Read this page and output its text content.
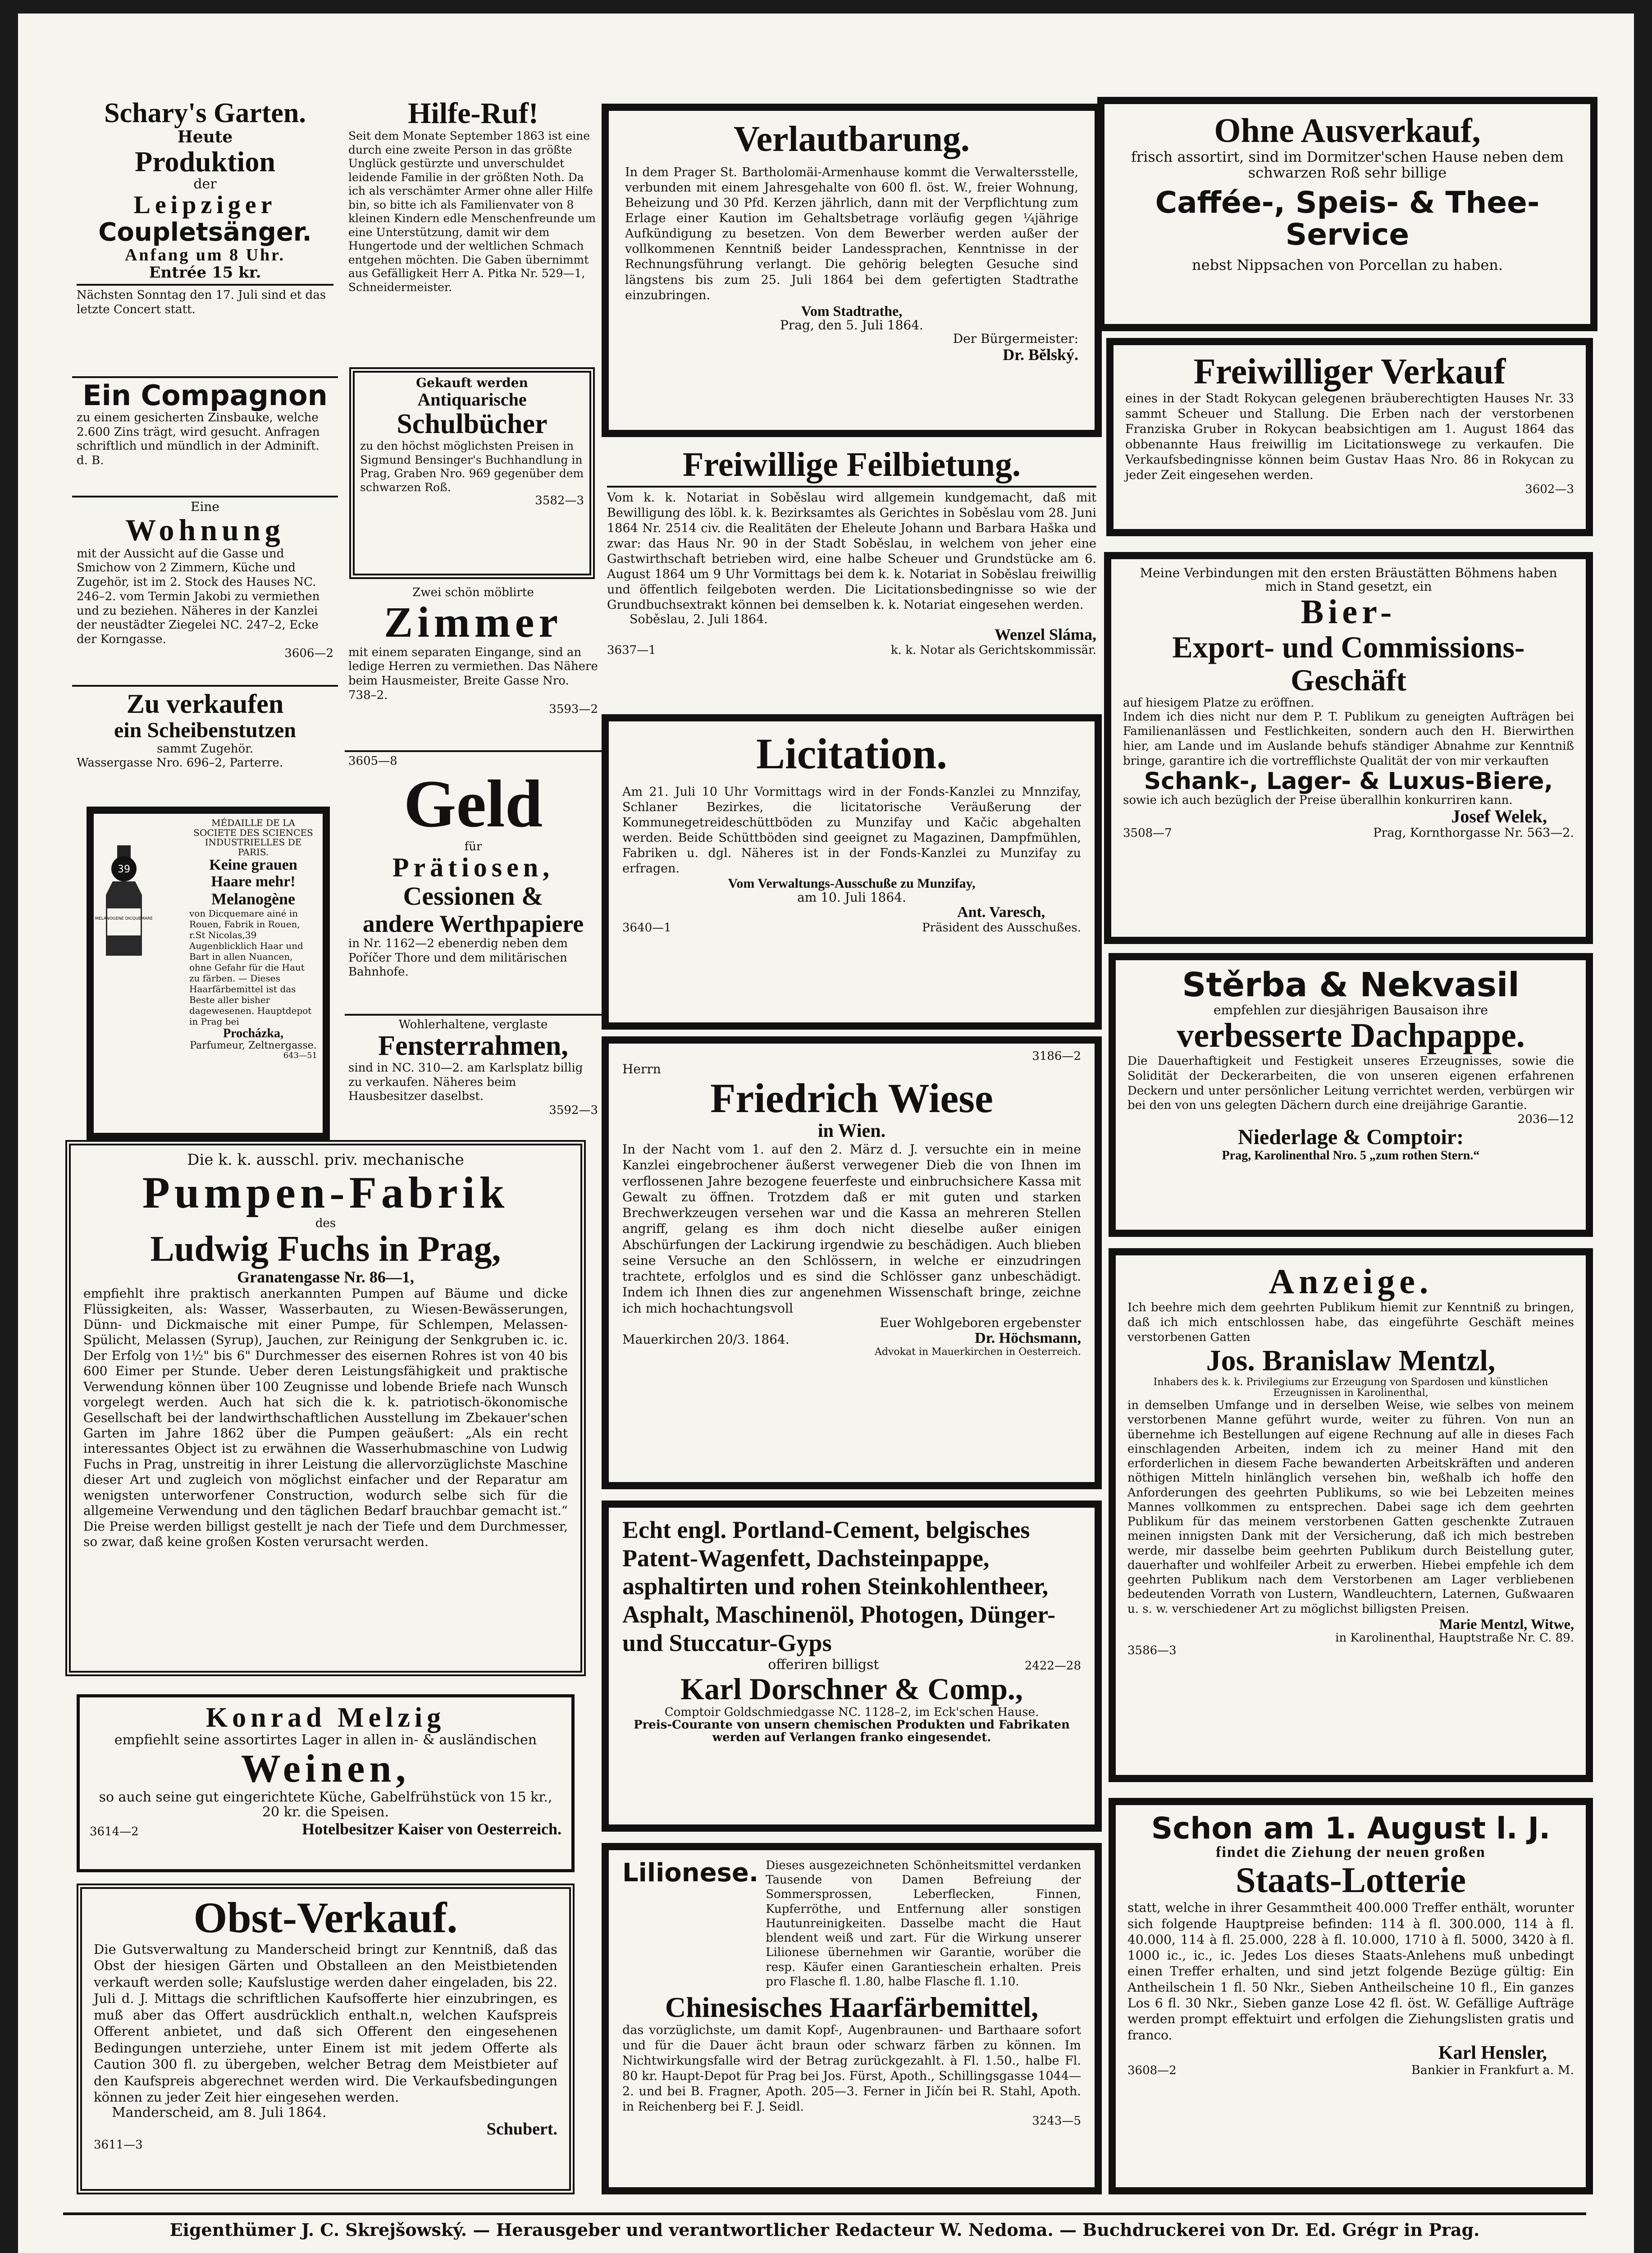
Schary's Garten.

Heute

Produktion

der

Leipziger

Coupletsänger.

Anfang um 8 Uhr.

Entrée 15 kr.

Nächsten Sonntag den 17. Juli sind et das letzte Concert statt.

Ein Compagnon

zu einem gesicherten Zinsbauke, welche 2.600 Zins trägt, wird gesucht. Anfragen schriftlich und mündlich in der Adminift. d. B.

Eine

Wohnung

mit der Aussicht auf die Gasse und Smichow von 2 Zimmern, Küche und Zugehör, ist im 2. Stock des Hauses NC. 246–2. vom Termin Jakobi zu vermiethen und zu beziehen. Näheres in der Kanzlei der neustädter Ziegelei NC. 247–2, Ecke der Korngasse.

3606—2

Zu verkaufen

ein Scheibenstutzen

sammt Zugehör.

Wassergasse Nro. 696–2, Parterre.

39
MELANOGENE DICQUEMARE

MÉDAILLE DE LA SOCIETE DES SCIENCES INDUSTRIELLES DE PARIS.

Keine grauen Haare mehr!

Melanogène

von Dicquemare ainé in Rouen, Fabrik in Rouen, r.St Nicolas,39 Augenblicklich Haar und Bart in allen Nuancen, ohne Gefahr für die Haut zu färben. — Dieses Haarfärbemittel ist das Beste aller bisher dagewesenen. Hauptdepot in Prag bei

Procházka,

Parfumeur, Zeltnergasse.

643—51

Hilfe-Ruf!

Seit dem Monate September 1863 ist eine durch eine zweite Person in das größte Unglück gestürzte und unverschuldet leidende Familie in der größten Noth. Da ich als verschämter Armer ohne aller Hilfe bin, so bitte ich als Familienvater von 8 kleinen Kindern edle Menschenfreunde um eine Unterstützung, damit wir dem Hungertode und der weltlichen Schmach entgehen möchten. Die Gaben übernimmt aus Gefälligkeit Herr A. Pitka Nr. 529—1, Schneidermeister.

Gekauft werden

Antiquarische

Schulbücher

zu den höchst möglichsten Preisen in Sigmund Bensinger's Buchhandlung in Prag, Graben Nro. 969 gegenüber dem schwarzen Roß.

3582—3

Zwei schön möblirte

Zimmer

mit einem separaten Eingange, sind an ledige Herren zu vermiethen. Das Nähere beim Hausmeister, Breite Gasse Nro. 738–2.

3593—2

3605—8

Geld

für

Prätiosen,

Cessionen &

andere Werthpapiere

in Nr. 1162—2 ebenerdig neben dem Poříčer Thore und dem militärischen Bahnhofe.

Wohlerhaltene, verglaste

Fensterrahmen,

sind in NC. 310—2. am Karlsplatz billig zu verkaufen. Näheres beim Hausbesitzer daselbst.

3592—3

Die k. k. ausschl. priv. mechanische

Pumpen-Fabrik

des

Ludwig Fuchs in Prag,

Granatengasse Nr. 86—1,

empfiehlt ihre praktisch anerkannten Pumpen auf Bäume und dicke Flüssigkeiten, als: Wasser, Wasserbauten, zu Wiesen-Bewässerungen, Dünn- und Dickmaische mit einer Pumpe, für Schlempen, Melassen-Spülicht, Melassen (Syrup), Jauchen, zur Reinigung der Senkgruben ic. ic. Der Erfolg von 1½" bis 6" Durchmesser des eisernen Rohres ist von 40 bis 600 Eimer per Stunde. Ueber deren Leistungsfähigkeit und praktische Verwendung können über 100 Zeugnisse und lobende Briefe nach Wunsch vorgelegt werden. Auch hat sich die k. k. patriotisch-ökonomische Gesellschaft bei der landwirthschaftlichen Ausstellung im Zbekauer'schen Garten im Jahre 1862 über die Pumpen geäußert: „Als ein recht interessantes Object ist zu erwähnen die Wasserhubmaschine von Ludwig Fuchs in Prag, unstreitig in ihrer Leistung die allervorzüglichste Maschine dieser Art und zugleich von möglichst einfacher und der Reparatur am wenigsten unterworfener Construction, wodurch selbe sich für die allgemeine Verwendung und den täglichen Bedarf brauchbar gemacht ist.“ Die Preise werden billigst gestellt je nach der Tiefe und dem Durchmesser, so zwar, daß keine großen Kosten verursacht werden.

Konrad Melzig

empfiehlt seine assortirtes Lager in allen in- & ausländischen

Weinen,

so auch seine gut eingerichtete Küche, Gabelfrühstück von 15 kr., 20 kr. die Speisen.

3614—2	Hotelbesitzer Kaiser von Oesterreich.

Obst-Verkauf.

Die Gutsverwaltung zu Manderscheid bringt zur Kenntniß, daß das Obst der hiesigen Gärten und Obstalleen an den Meistbietenden verkauft werden solle; Kaufslustige werden daher eingeladen, bis 22. Juli d. J. Mittags die schriftlichen Kaufsofferte hier einzubringen, es muß aber das Offert ausdrücklich enthalt.n, welchen Kaufspreis Offerent anbietet, und daß sich Offerent den eingesehenen Bedingungen unterziehe, unter Einem ist mit jedem Offerte als Caution 300 fl. zu übergeben, welcher Betrag dem Meistbieter auf den Kaufspreis abgerechnet werden wird. Die Verkaufsbedingungen können zu jeder Zeit hier eingesehen werden.

Manderscheid, am 8. Juli 1864.

Schubert.

3611—3

Verlautbarung.

In dem Prager St. Bartholomäi-Armenhause kommt die Verwaltersstelle, verbunden mit einem Jahresgehalte von 600 fl. öst. W., freier Wohnung, Beheizung und 30 Pfd. Kerzen jährlich, dann mit der Verpflichtung zum Erlage einer Kaution im Gehaltsbetrage vorläufig gegen ¼jährige Aufkündigung zu besetzen. Von dem Bewerber werden außer der vollkommenen Kenntniß beider Landessprachen, Kenntnisse in der Rechnungsführung verlangt. Die gehörig belegten Gesuche sind längstens bis zum 25. Juli 1864 bei dem gefertigten Stadtrathe einzubringen.

Vom Stadtrathe,

Prag, den 5. Juli 1864.

Der Bürgermeister:

Dr. Bělský.

Freiwillige Feilbietung.

Vom k. k. Notariat in Soběslau wird allgemein kundgemacht, daß mit Bewilligung des löbl. k. k. Bezirksamtes als Gerichtes in Soběslau vom 28. Juni 1864 Nr. 2514 civ. die Realitäten der Eheleute Johann und Barbara Haška und zwar: das Haus Nr. 90 in der Stadt Soběslau, in welchem von jeher eine Gastwirthschaft betrieben wird, eine halbe Scheuer und Grundstücke am 6. August 1864 um 9 Uhr Vormittags bei dem k. k. Notariat in Soběslau freiwillig und öffentlich feilgeboten werden. Die Licitationsbedingnisse so wie der Grundbuchsextrakt können bei demselben k. k. Notariat eingesehen werden.

Soběslau, 2. Juli 1864.

Wenzel Sláma,

3637—1	k. k. Notar als Gerichtskommissär.

Licitation.

Am 21. Juli 10 Uhr Vormittags wird in der Fonds-Kanzlei zu Mnnzifay, Schlaner Bezirkes, die licitatorische Veräußerung der Kommunegetreideschüttböden zu Munzifay und Kačic abgehalten werden. Beide Schüttböden sind geeignet zu Magazinen, Dampfmühlen, Fabriken u. dgl. Näheres ist in der Fonds-Kanzlei zu Munzifay zu erfragen.

Vom Verwaltungs-Ausschuße zu Munzifay,

am 10. Juli 1864.

Ant. Varesch,

3640—1	Präsident des Ausschußes.

3186—2

Herrn

Friedrich Wiese

in Wien.

In der Nacht vom 1. auf den 2. März d. J. versuchte ein in meine Kanzlei eingebrochener äußerst verwegener Dieb die von Ihnen im verflossenen Jahre bezogene feuerfeste und einbruchsichere Kassa mit Gewalt zu öffnen. Trotzdem daß er mit guten und starken Brechwerkzeugen versehen war und die Kassa an mehreren Stellen angriff, gelang es ihm doch nicht dieselbe außer einigen Abschürfungen der Lackirung irgendwie zu beschädigen. Auch blieben seine Versuche an den Schlössern, in welche er einzudringen trachtete, erfolglos und es sind die Schlösser ganz unbeschädigt. Indem ich Ihnen dies zur angenehmen Wissenschaft bringe, zeichne ich mich hochachtungsvoll

Euer Wohlgeboren ergebenster

Mauerkirchen 20/3. 1864.	Dr. Höchsmann,

Advokat in Mauerkirchen in Oesterreich.

Echt engl. Portland-Cement, belgisches Patent-Wagenfett, Dachsteinpappe, asphaltirten und rohen Steinkohlentheer, Asphalt, Maschinenöl, Photogen, Dünger- und Stuccatur-Gyps

offeriren billigst	2422—28

Karl Dorschner & Comp.,

Comptoir Goldschmiedgasse NC. 1128–2, im Eck'schen Hause.

Preis-Courante von unsern chemischen Produkten und Fabrikaten werden auf Verlangen franko eingesendet.

Lilionese. Dieses ausgezeichneten Schönheitsmittel verdanken Tausende von Damen Befreiung der Sommersprossen, Leberflecken, Finnen, Kupferröthe, und Entfernung aller sonstigen Hautunreinigkeiten. Dasselbe macht die Haut blendent weiß und zart. Für die Wirkung unserer Lilionese übernehmen wir Garantie, worüber die resp. Käufer einen Garantieschein erhalten. Preis pro Flasche fl. 1.80, halbe Flasche fl. 1.10.

Chinesisches Haarfärbemittel,

das vorzüglichste, um damit Kopf-, Augenbraunen- und Barthaare sofort und für die Dauer ächt braun oder schwarz färben zu können. Im Nichtwirkungsfalle wird der Betrag zurückgezahlt. à Fl. 1.50., halbe Fl. 80 kr. Haupt-Depot für Prag bei Jos. Fürst, Apoth., Schillingsgasse 1044—2. und bei B. Fragner, Apoth. 205—3. Ferner in Jičín bei R. Stahl, Apoth. in Reichenberg bei F. J. Seidl.

3243—5

Ohne Ausverkauf,

frisch assortirt, sind im Dormitzer'schen Hause neben dem schwarzen Roß sehr billige

Caffée-, Speis- & Thee-Service

nebst Nippsachen von Porcellan zu haben.

Freiwilliger Verkauf

eines in der Stadt Rokycan gelegenen bräuberechtigten Hauses Nr. 33 sammt Scheuer und Stallung. Die Erben nach der verstorbenen Franziska Gruber in Rokycan beabsichtigen am 1. August 1864 das obbenannte Haus freiwillig im Licitationswege zu verkaufen. Die Verkaufsbedingnisse können beim Gustav Haas Nro. 86 in Rokycan zu jeder Zeit eingesehen werden.

3602—3

Meine Verbindungen mit den ersten Bräustätten Böhmens haben mich in Stand gesetzt, ein

Bier-

Export- und Commissions-

Geschäft

auf hiesigem Platze zu eröffnen.

Indem ich dies nicht nur dem P. T. Publikum zu geneigten Aufträgen bei Familienanlässen und Festlichkeiten, sondern auch den H. Bierwirthen hier, am Lande und im Auslande behufs ständiger Abnahme zur Kenntniß bringe, garantire ich die vortrefflichste Qualität der von mir verkauften

Schank-, Lager- & Luxus-Biere,

sowie ich auch bezüglich der Preise überallhin konkurriren kann.

Josef Welek,

3508—7	Prag, Kornthorgasse Nr. 563—2.

Stěrba & Nekvasil

empfehlen zur diesjährigen Bausaison ihre

verbesserte Dachpappe.

Die Dauerhaftigkeit und Festigkeit unseres Erzeugnisses, sowie die Solidität der Deckerarbeiten, die von unseren eigenen erfahrenen Deckern und unter persönlicher Leitung verrichtet werden, verbürgen wir bei den von uns gelegten Dächern durch eine dreijährige Garantie.

2036—12

Niederlage & Comptoir:

Prag, Karolinenthal Nro. 5 „zum rothen Stern.“

Anzeige.

Ich beehre mich dem geehrten Publikum hiemit zur Kenntniß zu bringen, daß ich mich entschlossen habe, das eingeführte Geschäft meines verstorbenen Gatten

Jos. Branislaw Mentzl,

Inhabers des k. k. Privilegiums zur Erzeugung von Spardosen und künstlichen Erzeugnissen in Karolinenthal,

in demselben Umfange und in derselben Weise, wie selbes von meinem verstorbenen Manne geführt wurde, weiter zu führen. Von nun an übernehme ich Bestellungen auf eigene Rechnung auf alle in dieses Fach einschlagenden Arbeiten, indem ich zu meiner Hand mit den erforderlichen in diesem Fache bewanderten Arbeitskräften und anderen nöthigen Mitteln hinlänglich versehen bin, weßhalb ich hoffe den Anforderungen des geehrten Publikums, so wie bei Lebzeiten meines Mannes vollkommen zu entsprechen. Dabei sage ich dem geehrten Publikum für das meinem verstorbenen Gatten geschenkte Zutrauen meinen innigsten Dank mit der Versicherung, daß ich mich bestreben werde, mir dasselbe beim geehrten Publikum durch Beistellung guter, dauerhafter und wohlfeiler Arbeit zu erwerben. Hiebei empfehle ich dem geehrten Publikum nach dem Verstorbenen am Lager verbliebenen bedeutenden Vorrath von Lustern, Wandleuchtern, Laternen, Gußwaaren u. s. w. verschiedener Art zu möglichst billigsten Preisen.

Marie Mentzl, Witwe,

in Karolinenthal, Hauptstraße Nr. C. 89.

3586—3

Schon am 1. August l. J.

findet die Ziehung der neuen großen

Staats-Lotterie

statt, welche in ihrer Gesammtheit 400.000 Treffer enthält, worunter sich folgende Hauptpreise befinden: 114 à fl. 300.000, 114 à fl. 40.000, 114 à fl. 25.000, 228 à fl. 10.000, 1710 à fl. 5000, 3420 à fl. 1000 ic., ic., ic. Jedes Los dieses Staats-Anlehens muß unbedingt einen Treffer erhalten, und sind jetzt folgende Bezüge gültig: Ein Antheilschein 1 fl. 50 Nkr., Sieben Antheilscheine 10 fl., Ein ganzes Los 6 fl. 30 Nkr., Sieben ganze Lose 42 fl. öst. W. Gefällige Aufträge werden prompt effektuirt und erfolgen die Ziehungslisten gratis und franco.

Karl Hensler,

3608—2	Bankier in Frankfurt a. M.
Eigenthümer J. C. Skrejšowský. — Herausgeber und verantwortlicher Redacteur W. Nedoma. — Buchdruckerei von Dr. Ed. Grégr in Prag.
